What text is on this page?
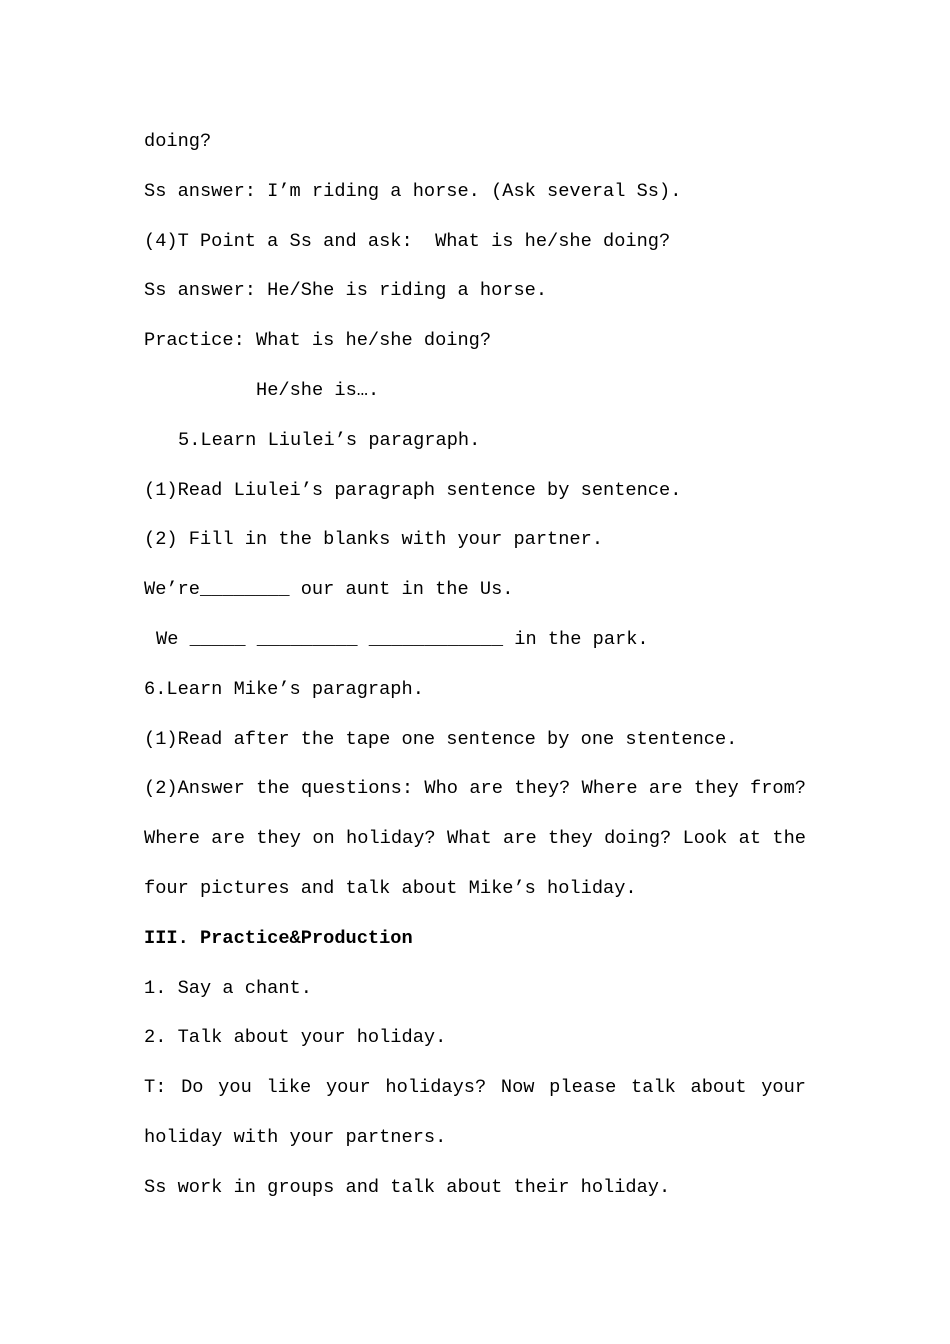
doing?
Ss answer: I’m riding a horse. (Ask several Ss).
(4)T Point a Ss and ask:  What is he/she doing?
Ss answer: He/She is riding a horse.
Practice: What is he/she doing?
He/she is….
5.Learn Liulei’s paragraph.
(1)Read Liulei’s paragraph sentence by sentence.
(2) Fill in the blanks with your partner.
We’re________ our aunt in the Us.
We _____ _________ ____________ in the park.
6.Learn Mike’s paragraph.
(1)Read after the tape one sentence by one stentence.
(2)Answer the questions: Who are they? Where are they from?
Where are they on holiday? What are they doing? Look at the
four pictures and talk about Mike’s holiday.
III. Practice&Production
1. Say a chant.
2. Talk about your holiday.
T: Do you like your holidays? Now please talk about your
holiday with your partners.
Ss work in groups and talk about their holiday.
